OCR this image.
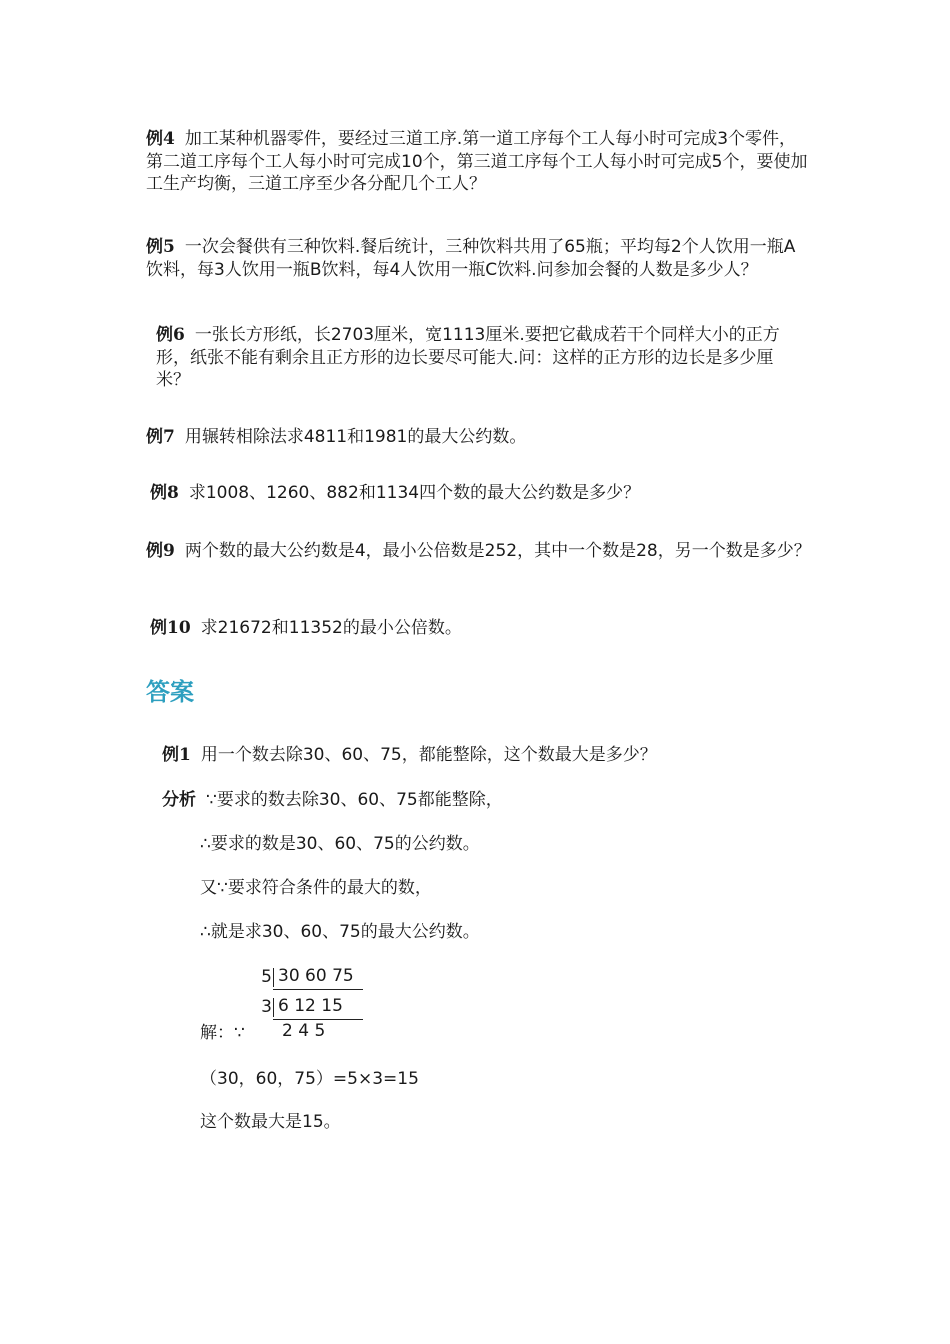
例4 加工某种机器零件，要经过三道工序.第一道工序每个工人每小时可完成3个零件，第二道工序每个工人每小时可完成10个，第三道工序每个工人每小时可完成5个，要使加工生产均衡，三道工序至少各分配几个工人？

例5 一次会餐供有三种饮料.餐后统计，三种饮料共用了65瓶；平均每2个人饮用一瓶A饮料，每3人饮用一瓶B饮料，每4人饮用一瓶C饮料.问参加会餐的人数是多少人？

例6 一张长方形纸，长2703厘米，宽1113厘米.要把它截成若干个同样大小的正方形，纸张不能有剩余且正方形的边长要尽可能大.问：这样的正方形的边长是多少厘米？

例7 用辗转相除法求4811和1981的最大公约数。

例8 求1008、1260、882和1134四个数的最大公约数是多少？

例9 两个数的最大公约数是4，最小公倍数是252，其中一个数是28，另一个数是多少？

例10 求21672和11352的最小公倍数。

答案

例1 用一个数去除30、60、75，都能整除，这个数最大是多少？

分析 ∵要求的数去除30、60、75都能整除，

∴要求的数是30、60、75的公约数。

又∵要求符合条件的最大的数，

∴就是求30、60、75的最大公约数。

5 30 60 75
3 6 12 15
2 4 5

解：∵

（30，60，75）=5×3=15

这个数最大是15。
